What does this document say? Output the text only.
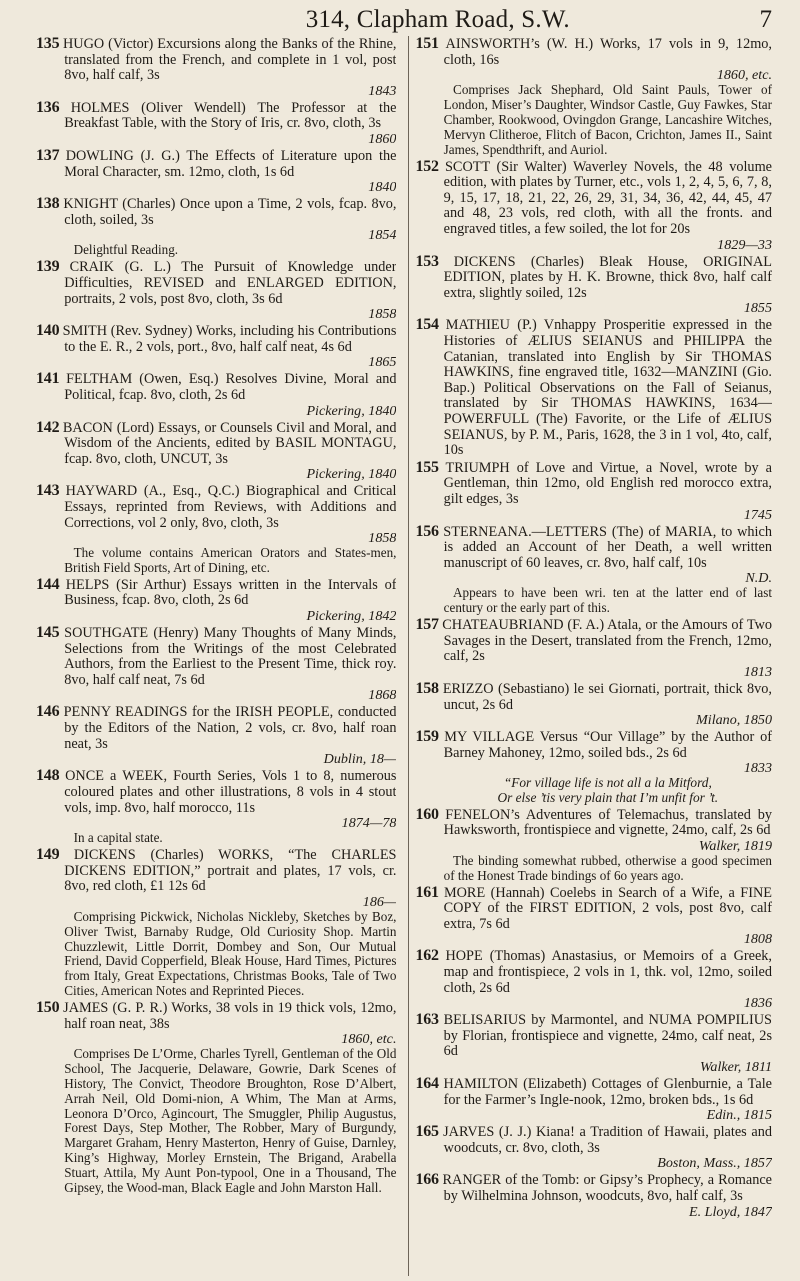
314, Clapham Road, S.W.	7
135 HUGO (Victor) Excursions along the Banks of the Rhine, translated from the French, and complete in 1 vol, post 8vo, half calf, 3s
1843
136 HOLMES (Oliver Wendell) The Professor at the Breakfast Table, with the Story of Iris, cr. 8vo, cloth, 3s
1860
137 DOWLING (J. G.) The Effects of Literature upon the Moral Character, sm. 12mo, cloth, 1s 6d
1840
138 KNIGHT (Charles) Once upon a Time, 2 vols, fcap. 8vo, cloth, soiled, 3s
1854
Delightful Reading.
139 CRAIK (G. L.) The Pursuit of Knowledge under Difficulties, REVISED and ENLARGED EDITION, portraits, 2 vols, post 8vo, cloth, 3s 6d
1858
140 SMITH (Rev. Sydney) Works, including his Contributions to the E. R., 2 vols, port., 8vo, half calf neat, 4s 6d
1865
141 FELTHAM (Owen, Esq.) Resolves Divine, Moral and Political, fcap. 8vo, cloth, 2s 6d
Pickering, 1840
142 BACON (Lord) Essays, or Counsels Civil and Moral, and Wisdom of the Ancients, edited by BASIL MONTAGU, fcap. 8vo, cloth, UNCUT, 3s
Pickering, 1840
143 HAYWARD (A., Esq., Q.C.) Biographical and Critical Essays, reprinted from Reviews, with Additions and Corrections, vol 2 only, 8vo, cloth, 3s
1858
The volume contains American Orators and States-men, British Field Sports, Art of Dining, etc.
144 HELPS (Sir Arthur) Essays written in the Intervals of Business, fcap. 8vo, cloth, 2s 6d
Pickering, 1842
145 SOUTHGATE (Henry) Many Thoughts of Many Minds, Selections from the Writings of the most Celebrated Authors, from the Earliest to the Present Time, thick roy. 8vo, half calf neat, 7s 6d
1868
146 PENNY READINGS for the IRISH PEOPLE, conducted by the Editors of the Nation, 2 vols, cr. 8vo, half roan neat, 3s
Dublin, 18—
148 ONCE a WEEK, Fourth Series, Vols 1 to 8, numerous coloured plates and other illustrations, 8 vols in 4 stout vols, imp. 8vo, half morocco, 11s
1874—78
In a capital state.
149 DICKENS (Charles) WORKS, “The CHARLES DICKENS EDITION,” portrait and plates, 17 vols, cr. 8vo, red cloth, £1 12s 6d
186—
Comprising Pickwick, Nicholas Nickleby, Sketches by Boz, Oliver Twist, Barnaby Rudge, Old Curiosity Shop. Martin Chuzzlewit, Little Dorrit, Dombey and Son, Our Mutual Friend, David Copperfield, Bleak House, Hard Times, Pictures from Italy, Great Expectations, Christmas Books, Tale of Two Cities, American Notes and Reprinted Pieces.
150 JAMES (G. P. R.) Works, 38 vols in 19 thick vols, 12mo, half roan neat, 38s
1860, etc.
Comprises De L’Orme, Charles Tyrell, Gentleman of the Old School, The Jacquerie, Delaware, Gowrie, Dark Scenes of History, The Convict, Theodore Broughton, Rose D’Albert, Arrah Neil, Old Domi-nion, A Whim, The Man at Arms, Leonora D’Orco, Agincourt, The Smuggler, Philip Augustus, Forest Days, Step Mother, The Robber, Mary of Burgundy, Margaret Graham, Henry Masterton, Henry of Guise, Darnley, King’s Highway, Morley Ernstein, The Brigand, Arabella Stuart, Attila, My Aunt Pon-typool, One in a Thousand, The Gipsey, the Wood-man, Black Eagle and John Marston Hall.
151 AINSWORTH’s (W. H.) Works, 17 vols in 9, 12mo, cloth, 16s
1860, etc.
Comprises Jack Shephard, Old Saint Pauls, Tower of London, Miser’s Daughter, Windsor Castle, Guy Fawkes, Star Chamber, Rookwood, Ovingdon Grange, Lancashire Witches, Mervyn Clitheroe, Flitch of Bacon, Crichton, James II., Saint James, Spendthrift, and Auriol.
152 SCOTT (Sir Walter) Waverley Novels, the 48 volume edition, with plates by Turner, etc., vols 1, 2, 4, 5, 6, 7, 8, 9, 15, 17, 18, 21, 22, 26, 29, 31, 34, 36, 42, 44, 45, 47 and 48, 23 vols, red cloth, with all the fronts. and engraved titles, a few soiled, the lot for 20s
1829—33
153 DICKENS (Charles) Bleak House, ORIGINAL EDITION, plates by H. K. Browne, thick 8vo, half calf extra, slightly soiled, 12s
1855
154 MATHIEU (P.) Vnhappy Prosperitie expressed in the Histories of ÆLIUS SEIANUS and PHILIPPA the Catanian, translated into English by Sir THOMAS HAWKINS, fine engraved title, 1632—MANZINI (Gio. Bap.) Political Observations on the Fall of Seianus, translated by Sir THOMAS HAWKINS, 1634—POWERFULL (The) Favorite, or the Life of ÆLIUS SEIANUS, by P. M., Paris, 1628, the 3 in 1 vol, 4to, calf, 10s
155 TRIUMPH of Love and Virtue, a Novel, wrote by a Gentleman, thin 12mo, old English red morocco extra, gilt edges, 3s
1745
156 STERNEANA.—LETTERS (The) of MARIA, to which is added an Account of her Death, a well written manuscript of 60 leaves, cr. 8vo, half calf, 10s
N.D.
Appears to have been wri. ten at the latter end of last century or the early part of this.
157 CHATEAUBRIAND (F. A.) Atala, or the Amours of Two Savages in the Desert, translated from the French, 12mo, calf, 2s
1813
158 ERIZZO (Sebastiano) le sei Giornati, portrait, thick 8vo, uncut, 2s 6d
Milano, 1850
159 MY VILLAGE Versus “Our Village” by the Author of Barney Mahoney, 12mo, soiled bds., 2s 6d
1833
“For village life is not all a la Mitford,
Or else ’tis very plain that I’m unfit for ’t.
160 FENELON’s Adventures of Telemachus, translated by Hawksworth, frontispiece and vignette, 24mo, calf, 2s 6d
Walker, 1819
The binding somewhat rubbed, otherwise a good specimen of the Honest Trade bindings of 6o years ago.
161 MORE (Hannah) Coelebs in Search of a Wife, a FINE COPY of the FIRST EDITION, 2 vols, post 8vo, calf extra, 7s 6d
1808
162 HOPE (Thomas) Anastasius, or Memoirs of a Greek, map and frontispiece, 2 vols in 1, thk. vol, 12mo, soiled cloth, 2s 6d
1836
163 BELISARIUS by Marmontel, and NUMA POMPILIUS by Florian, frontispiece and vignette, 24mo, calf neat, 2s 6d
Walker, 1811
164 HAMILTON (Elizabeth) Cottages of Glenburnie, a Tale for the Farmer’s Ingle-nook, 12mo, broken bds., 1s 6d
Edin., 1815
165 JARVES (J. J.) Kiana! a Tradition of Hawaii, plates and woodcuts, cr. 8vo, cloth, 3s
Boston, Mass., 1857
166 RANGER of the Tomb: or Gipsy’s Prophecy, a Romance by Wilhelmina Johnson, woodcuts, 8vo, half calf, 3s
E. Lloyd, 1847
